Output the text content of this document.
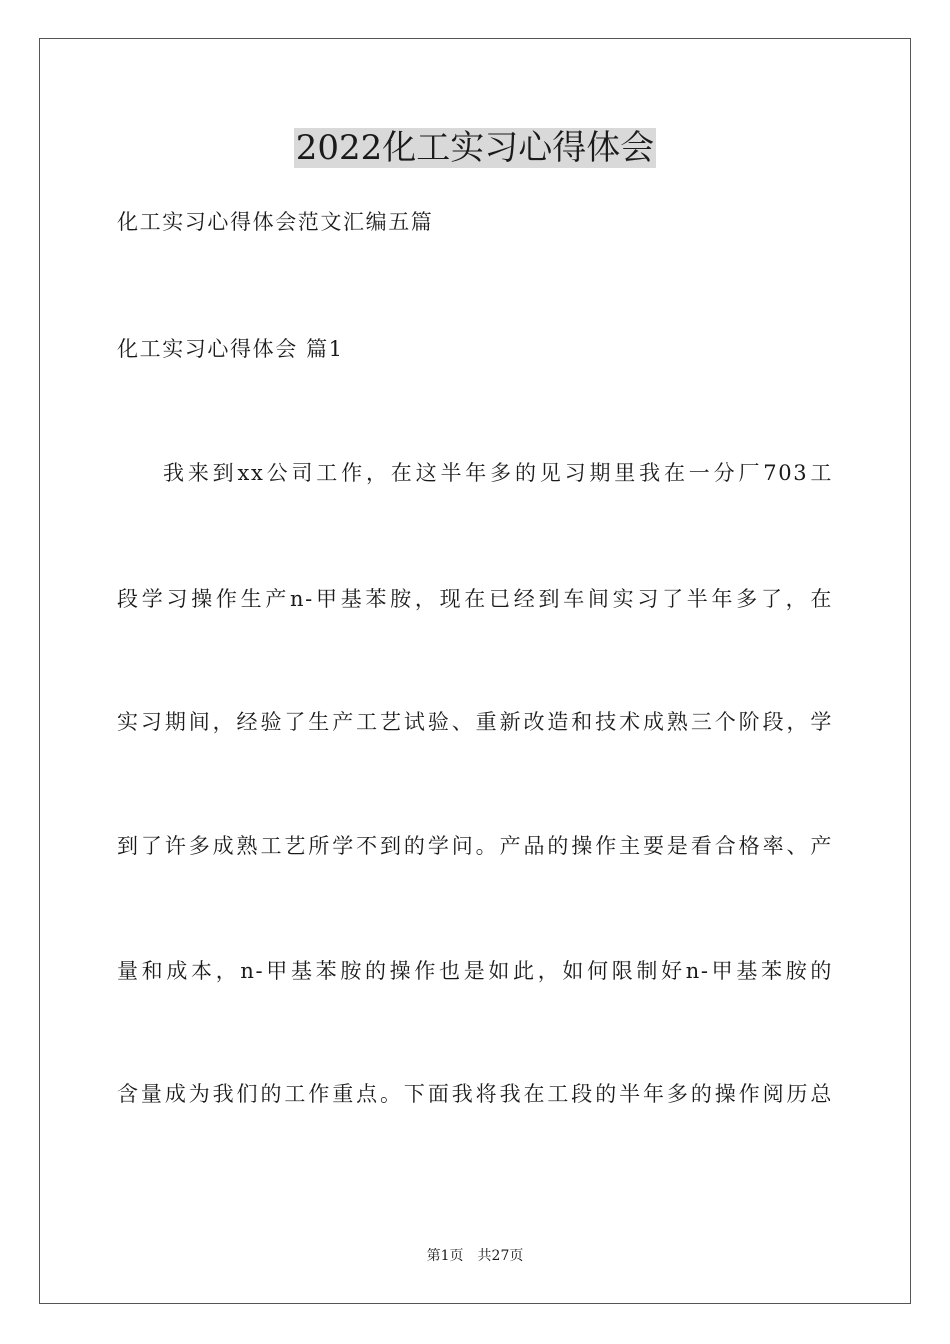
2022化工实习心得体会
化工实习心得体会范文汇编五篇
化工实习心得体会 篇1
我来到xx公司工作，在这半年多的见习期里我在一分厂703工
段学习操作生产n-甲基苯胺，现在已经到车间实习了半年多了，在
实习期间，经验了生产工艺试验、重新改造和技术成熟三个阶段，学
到了许多成熟工艺所学不到的学问。产品的操作主要是看合格率、产
量和成本，n-甲基苯胺的操作也是如此，如何限制好n-甲基苯胺的
含量成为我们的工作重点。下面我将我在工段的半年多的操作阅历总
第1页 共27页
